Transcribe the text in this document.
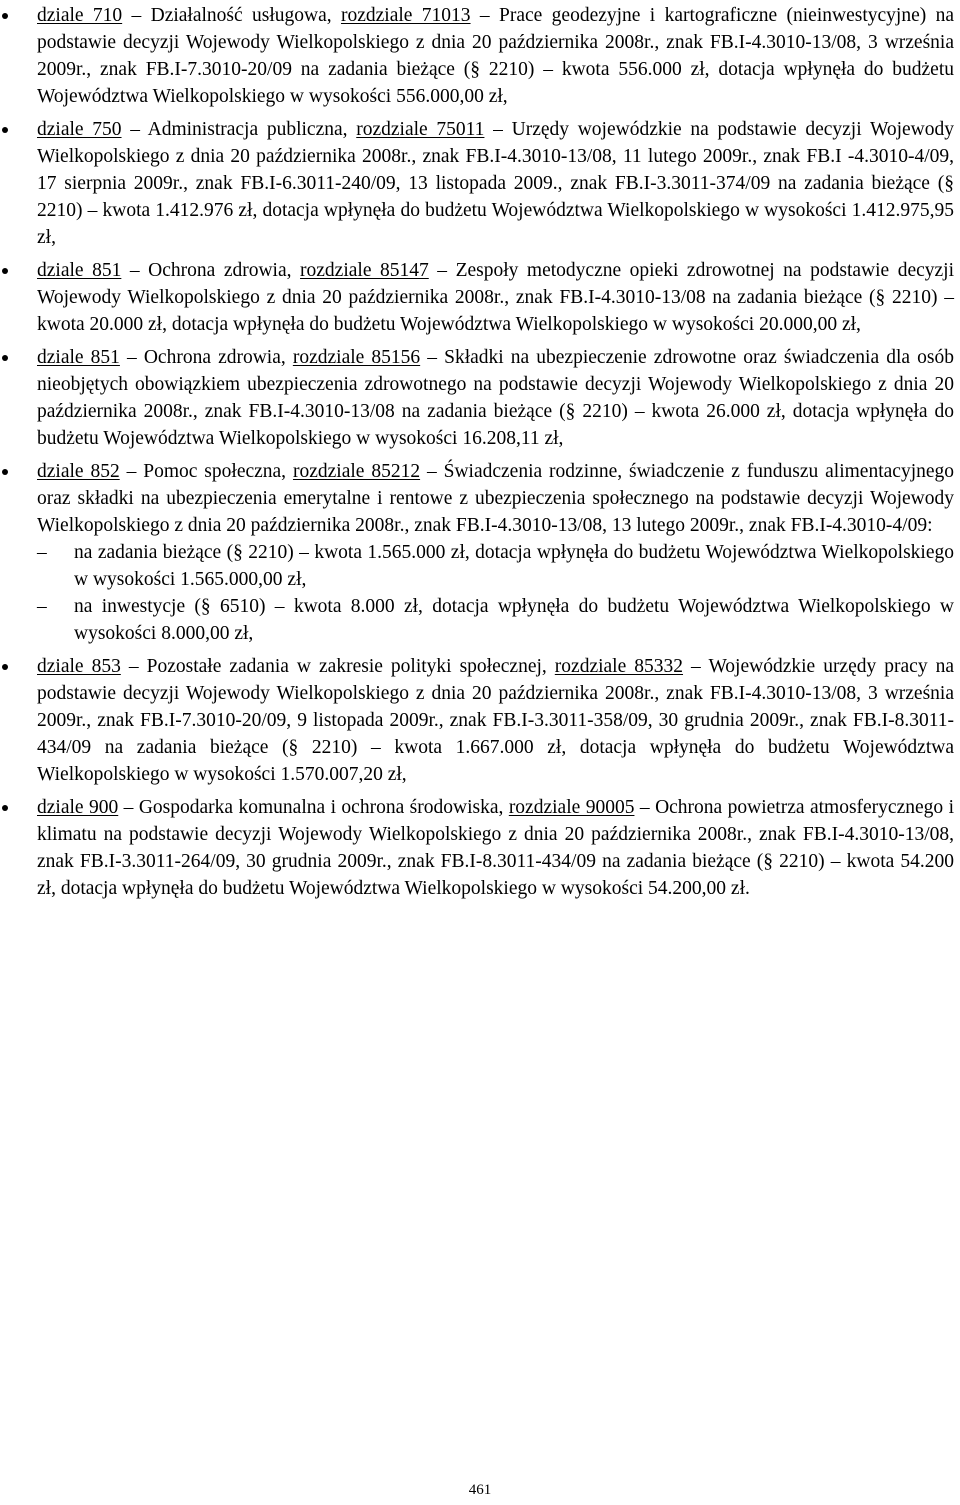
dziale 710 – Działalność usługowa, rozdziale 71013 – Prace geodezyjne i kartograficzne (nieinwestycyjne) na podstawie decyzji Wojewody Wielkopolskiego z dnia 20 października 2008r., znak FB.I-4.3010-13/08, 3 września 2009r., znak FB.I-7.3010-20/09 na zadania bieżące (§ 2210) – kwota 556.000 zł, dotacja wpłynęła do budżetu Województwa Wielkopolskiego w wysokości 556.000,00 zł,
dziale 750 – Administracja publiczna, rozdziale 75011 – Urzędy wojewódzkie na podstawie decyzji Wojewody Wielkopolskiego z dnia 20 października 2008r., znak FB.I-4.3010-13/08, 11 lutego 2009r., znak FB.I -4.3010-4/09, 17 sierpnia 2009r., znak FB.I-6.3011-240/09, 13 listopada 2009., znak FB.I-3.3011-374/09 na zadania bieżące (§ 2210) – kwota 1.412.976 zł, dotacja wpłynęła do budżetu Województwa Wielkopolskiego w wysokości 1.412.975,95 zł,
dziale 851 – Ochrona zdrowia, rozdziale 85147 – Zespoły metodyczne opieki zdrowotnej na podstawie decyzji Wojewody Wielkopolskiego z dnia 20 października 2008r., znak FB.I-4.3010-13/08 na zadania bieżące (§ 2210) – kwota 20.000 zł, dotacja wpłynęła do budżetu Województwa Wielkopolskiego w wysokości 20.000,00 zł,
dziale 851 – Ochrona zdrowia, rozdziale 85156 – Składki na ubezpieczenie zdrowotne oraz świadczenia dla osób nieobjętych obowiązkiem ubezpieczenia zdrowotnego na podstawie decyzji Wojewody Wielkopolskiego z dnia 20 października 2008r., znak FB.I-4.3010-13/08 na zadania bieżące (§ 2210) – kwota 26.000 zł, dotacja wpłynęła do budżetu Województwa Wielkopolskiego w wysokości 16.208,11 zł,
dziale 852 – Pomoc społeczna, rozdziale 85212 – Świadczenia rodzinne, świadczenie z funduszu alimentacyjnego oraz składki na ubezpieczenia emerytalne i rentowe z ubezpieczenia społecznego na podstawie decyzji Wojewody Wielkopolskiego z dnia 20 października 2008r., znak FB.I-4.3010-13/08, 13 lutego 2009r., znak FB.I-4.3010-4/09:
– na zadania bieżące (§ 2210) – kwota 1.565.000 zł, dotacja wpłynęła do budżetu Województwa Wielkopolskiego w wysokości 1.565.000,00 zł,
– na inwestycje (§ 6510) – kwota 8.000 zł, dotacja wpłynęła do budżetu Województwa Wielkopolskiego w wysokości 8.000,00 zł,
dziale 853 – Pozostałe zadania w zakresie polityki społecznej, rozdziale 85332 – Wojewódzkie urzędy pracy na podstawie decyzji Wojewody Wielkopolskiego z dnia 20 października 2008r., znak FB.I-4.3010-13/08, 3 września 2009r., znak FB.I-7.3010-20/09, 9 listopada 2009r., znak FB.I-3.3011-358/09, 30 grudnia 2009r., znak FB.I-8.3011-434/09 na zadania bieżące (§ 2210) – kwota 1.667.000 zł, dotacja wpłynęła do budżetu Województwa Wielkopolskiego w wysokości 1.570.007,20 zł,
dziale 900 – Gospodarka komunalna i ochrona środowiska, rozdziale 90005 – Ochrona powietrza atmosferycznego i klimatu na podstawie decyzji Wojewody Wielkopolskiego z dnia 20 października 2008r., znak FB.I-4.3010-13/08, znak FB.I-3.3011-264/09, 30 grudnia 2009r., znak FB.I-8.3011-434/09 na zadania bieżące (§ 2210) – kwota 54.200 zł, dotacja wpłynęła do budżetu Województwa Wielkopolskiego w wysokości 54.200,00 zł.
461
